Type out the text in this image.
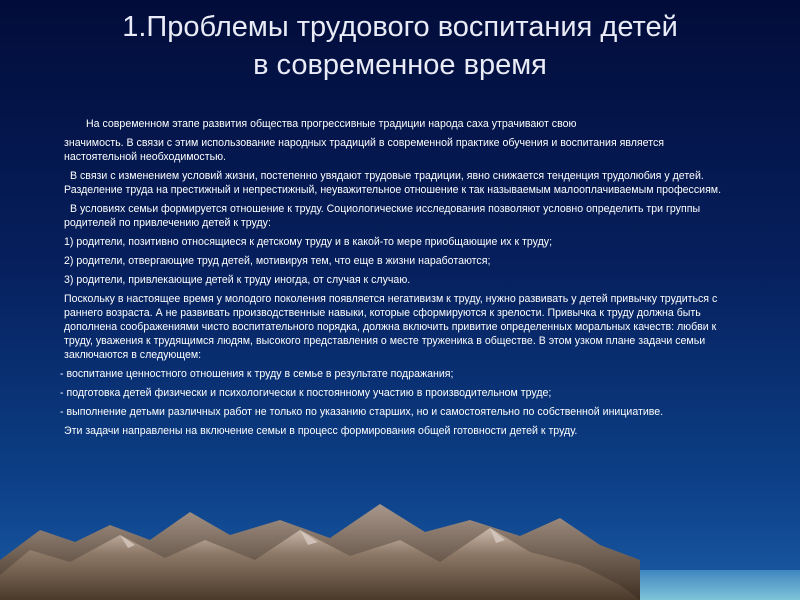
1.Проблемы трудового воспитания детей
в современное время

На современном этапе развития общества прогрессивные традиции народа саха утрачивают свою

значимость. В связи с этим использование народных традиций в современной практике обучения и воспитания является настоятельной необходимостью.

В связи с изменением условий жизни, постепенно увядают трудовые традиции, явно снижается тенденция трудолюбия у детей. Разделение труда на престижный и непрестижный, неуважительное отношение к так называемым малооплачиваемым профессиям.

В условиях семьи формируется отношение к труду. Социологические исследования позволяют условно определить три группы родителей по привлечению детей к труду:

1) родители, позитивно относящиеся к детскому труду и в какой-то мере приобщающие их к труду;

2) родители, отвергающие труд детей, мотивируя тем, что еще в жизни наработаются;

3) родители, привлекающие детей к труду иногда, от случая к случаю.

Поскольку в настоящее время у молодого поколения появляется негативизм к труду, нужно развивать у детей привычку трудиться с раннего возраста. А не развивать производственные навыки, которые сформируются к зрелости. Привычка к труду должна быть дополнена соображениями чисто воспитательного порядка, должна включить привитие определенных моральных качеств: любви к труду, уважения к трудящимся людям, высокого представления о месте труженика в обществе. В этом узком плане задачи семьи заключаются в следующем:

- воспитание ценностного отношения к труду в семье в результате подражания;

- подготовка детей физически и психологически к постоянному участию в производительном труде;

- выполнение детьми различных работ не только по указанию старших, но и самостоятельно по собственной инициативе.

Эти задачи направлены на включение семьи в процесс формирования общей готовности детей к труду.
